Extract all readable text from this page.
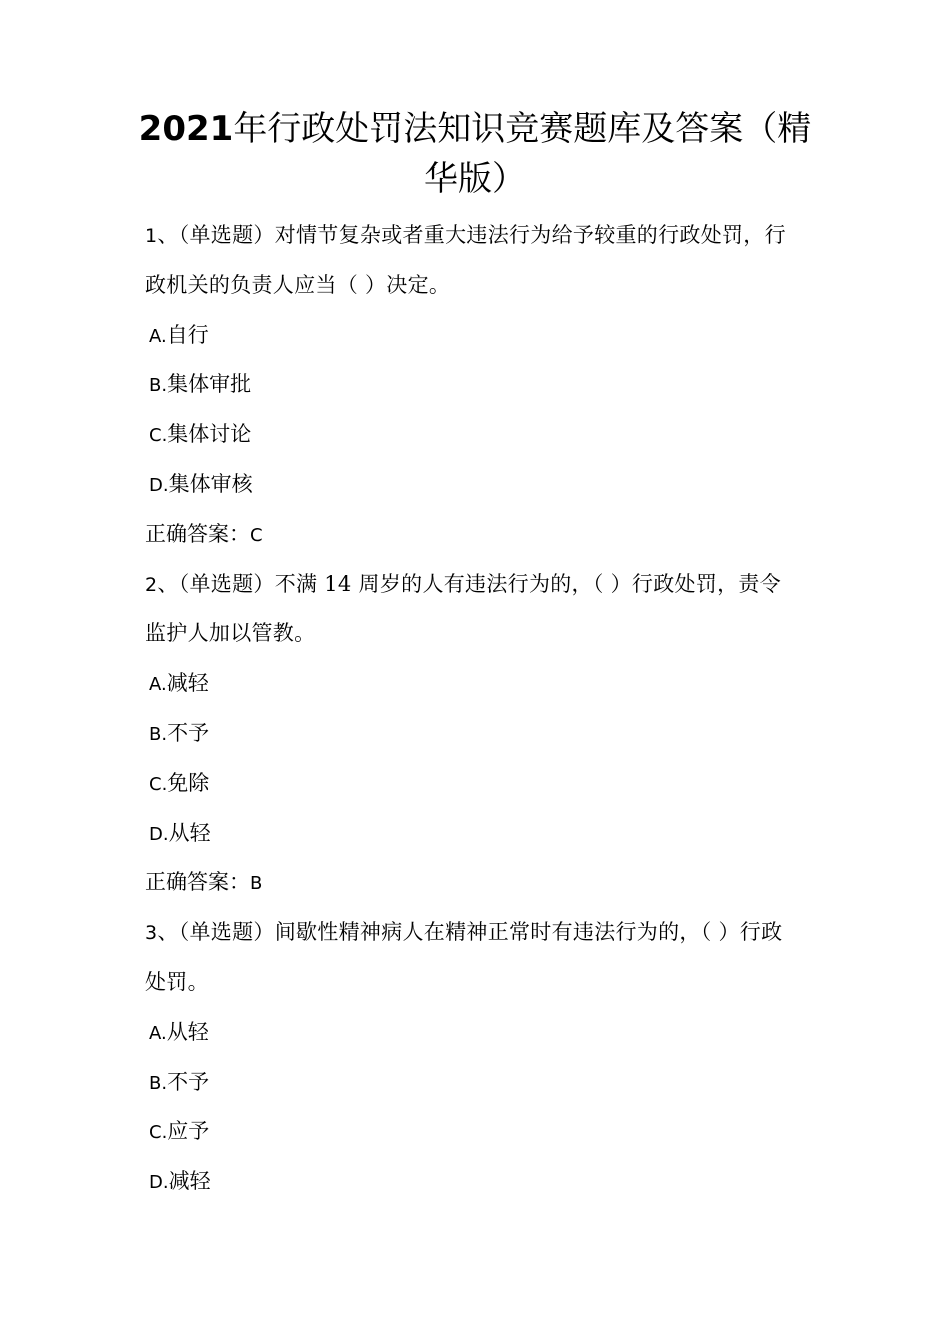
2021年行政处罚法知识竞赛题库及答案（精
华版）
1、（单选题）对情节复杂或者重大违法行为给予较重的行政处罚，行
政机关的负责人应当（ ）决定。
A.自行
B.集体审批
C.集体讨论
D.集体审核
正确答案：C
2、（单选题）不满 14 周岁的人有违法行为的，（ ）行政处罚，责令
监护人加以管教。
A.减轻
B.不予
C.免除
D.从轻
正确答案：B
3、（单选题）间歇性精神病人在精神正常时有违法行为的，（ ）行政
处罚。
A.从轻
B.不予
C.应予
D.减轻
